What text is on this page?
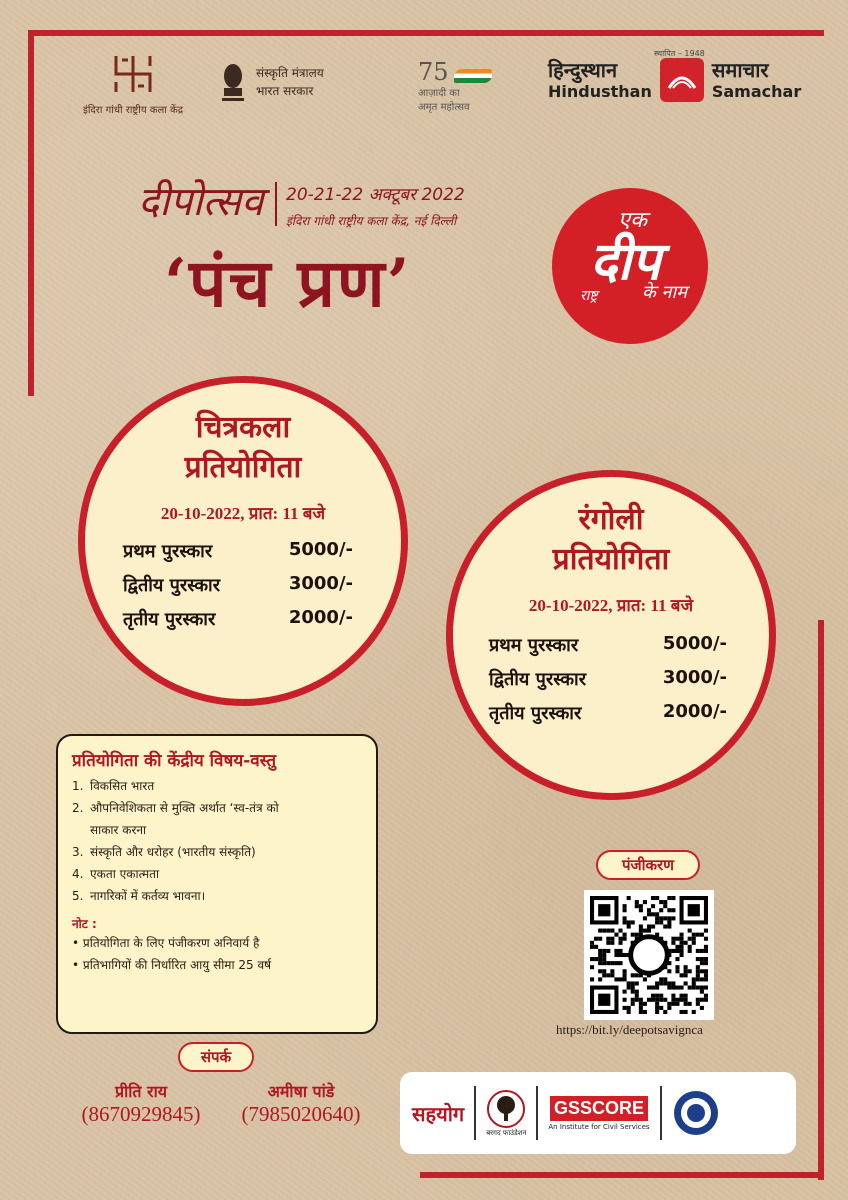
इंदिरा गांधी राष्ट्रीय कला केंद्र
संस्कृति मंत्रालय
भारत सरकार
75
आज़ादी का
अमृत महोत्सव
स्थापित – 1948
हिन्दुस्थान
Hindusthan
समाचार
Samachar
दीपोत्सव 20-21-22 अक्टूबर 2022
इंदिरा गांधी राष्ट्रीय कला केंद्र, नई दिल्ली
‘पंच प्रण’
एक
दीप
राष्ट्र के नाम
चित्रकला
प्रतियोगिता
20-10-2022, प्रात: 11 बजे
प्रथम पुरस्कार	5000/-
द्वितीय पुरस्कार	3000/-
तृतीय पुरस्कार	2000/-
रंगोली
प्रतियोगिता
20-10-2022, प्रात: 11 बजे
प्रथम पुरस्कार	5000/-
द्वितीय पुरस्कार	3000/-
तृतीय पुरस्कार	2000/-
प्रतियोगिता की केंद्रीय विषय-वस्तु
1. विकसित भारत
2. औपनिवेशिकता से मुक्ति अर्थात ‘स्व-तंत्र को
साकार करना
3. संस्कृति और धरोहर (भारतीय संस्कृति)
4. एकता एकात्मता
5. नागरिकों में कर्तव्य भावना।
नोट :
• प्रतियोगिता के लिए पंजीकरण अनिवार्य है
• प्रतिभागियों की निर्धारित आयु सीमा 25 वर्ष
संपर्क
प्रीति राय
(8670929845)
अमीषा पांडे
(7985020640)
पंजीकरण
https://bit.ly/deepotsavignca
सहयोग
बरगद फाउंडेशन
GSSCORE
An Institute for Civil Services
